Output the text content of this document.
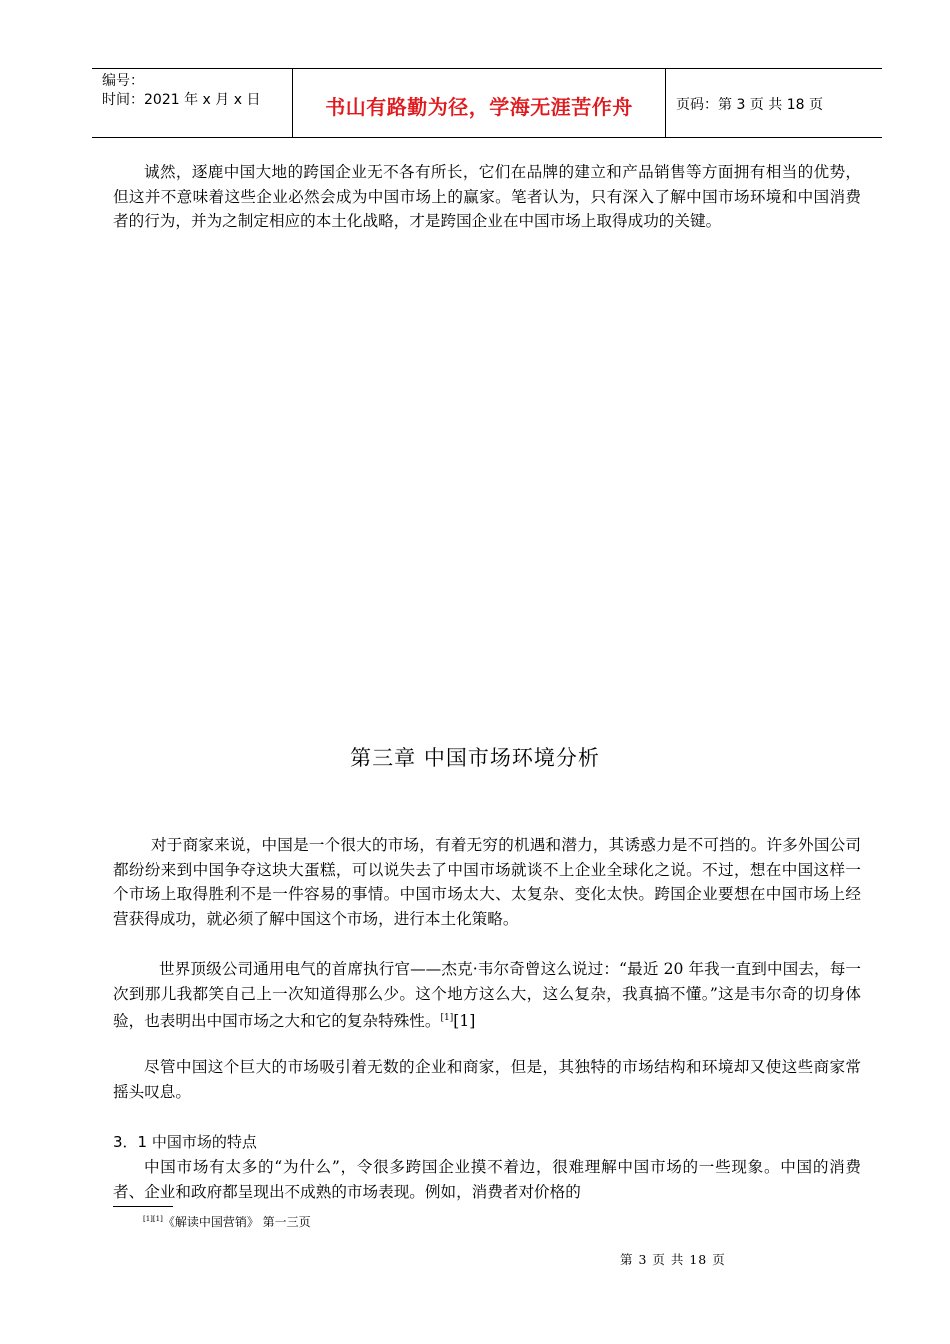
编号：
时间：2021 年 x 月 x 日	书山有路勤为径，学海无涯苦作舟	页码：第 3 页 共 18 页
诚然，逐鹿中国大地的跨国企业无不各有所长，它们在品牌的建立和产品销售等方面拥有相当的优势，但这并不意味着这些企业必然会成为中国市场上的赢家。笔者认为，只有深入了解中国市场环境和中国消费者的行为，并为之制定相应的本土化战略，才是跨国企业在中国市场上取得成功的关键。
第三章 中国市场环境分析
对于商家来说，中国是一个很大的市场，有着无穷的机遇和潜力，其诱惑力是不可挡的。许多外国公司都纷纷来到中国争夺这块大蛋糕，可以说失去了中国市场就谈不上企业全球化之说。不过，想在中国这样一个市场上取得胜利不是一件容易的事情。中国市场太大、太复杂、变化太快。跨国企业要想在中国市场上经营获得成功，就必须了解中国这个市场，进行本土化策略。
世界顶级公司通用电气的首席执行官——杰克·韦尔奇曾这么说过：“最近 20 年我一直到中国去，每一次到那儿我都笑自己上一次知道得那么少。这个地方这么大，这么复杂，我真搞不懂。”这是韦尔奇的切身体验，也表明出中国市场之大和它的复杂特殊性。[1][1]
尽管中国这个巨大的市场吸引着无数的企业和商家，但是，其独特的市场结构和环境却又使这些商家常摇头叹息。
3．1 中国市场的特点
中国市场有太多的“为什么”，令很多跨国企业摸不着边，很难理解中国市场的一些现象。中国的消费者、企业和政府都呈现出不成熟的市场表现。例如，消费者对价格的
[1][1]《解读中国营销》 第一三页
第 3 页 共 18 页
